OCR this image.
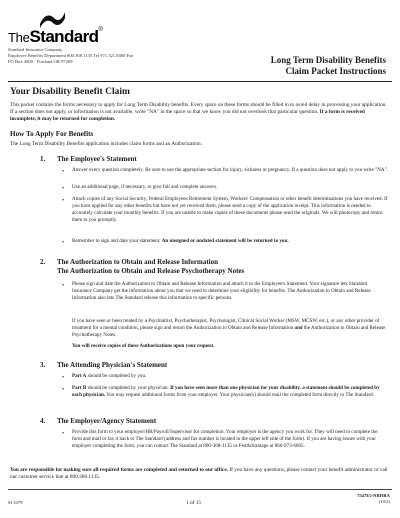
TheStandard®
Standard Insurance Company
Employee Benefits Department 800.368.1135 Tel 971.321.8400 Fax
PO Box 2800 · Portland OR 97208	Long Term Disability Benefits
Claim Packet Instructions
Your Disability Benefit Claim
This packet contains the forms necessary to apply for Long Term Disability benefits. Every space on these forms should be filled in to avoid delay in processing your application. If a section does not apply, or information is not available, write "NA" in the space so that we know you did not overlook that particular question. If a form is received incomplete, it may be returned for completion.
How To Apply For Benefits
The Long Term Disability Benefits application includes claim forms and an Authorization.
1. The Employee's Statement
•	Answer every question completely. Be sure to use the appropriate section for injury, sickness or pregnancy. If a question does not apply to you write "NA".
•	Use an additional page, if necessary, to give full and complete answers.
•	Attach copies of any Social Security, Federal Employees Retirement System, Workers' Compensation or other benefit determinations you have received. If you have applied for any other benefits but have not yet received them, please send a copy of the application receipt. This information is needed to accurately calculate your monthly benefits. If you are unable to make copies of these documents please send the originals. We will photocopy and return them to you promptly.
•	Remember to sign and date your statement. An unsigned or undated statement will be returned to you.
2. The Authorization to Obtain and Release Information
The Authorization to Obtain and Release Psychotherapy Notes
•	Please sign and date the Authorization to Obtain and Release Information and attach it to the Employee's Statement. Your signature lets Standard Insurance Company get the information about you that we need to determine your eligibility for benefits. The Authorization to Obtain and Release Information also lets The Standard release this information to specific persons.
If you have seen or been treated by a Psychiatrist, Psychotherapist, Psychologist, Clinical Social Worker (MSW, MCSW, etc.), or any other provider of treatment for a mental condition, please sign and return the Authorization to Obtain and Release Information and the Authorization to Obtain and Release Psychotherapy Notes.
You will receive copies of these Authorizations upon your request.
3. The Attending Physician's Statement
•	Part A should be completed by you.
•	Part B should be completed by your physician. If you have seen more than one physician for your disability, a statement should be completed by each physician. You may request additional forms from your employer. Your physician(s) should mail the completed form directly to The Standard.
4. The Employer/Agency Statement
•	Provide this form to your employer/HR/Payroll/Supervisor for completion. Your employer is the agency you work for. They will need to complete the form and mail or fax it back to The Standard (address and fax number is located in the upper left side of the form). If you are having issues with your employer completing the form, you can contact The Standard at 800-368-1135 or FedAdvantage at 866-973-6605.
You are responsible for making sure all required forms are completed and returned to our office. If you have any questions, please contact your benefit administrator or call our customer service line at 800.368.1135.
SI 3379	1 of 15
7547E5-NRHRA
(10/2)
